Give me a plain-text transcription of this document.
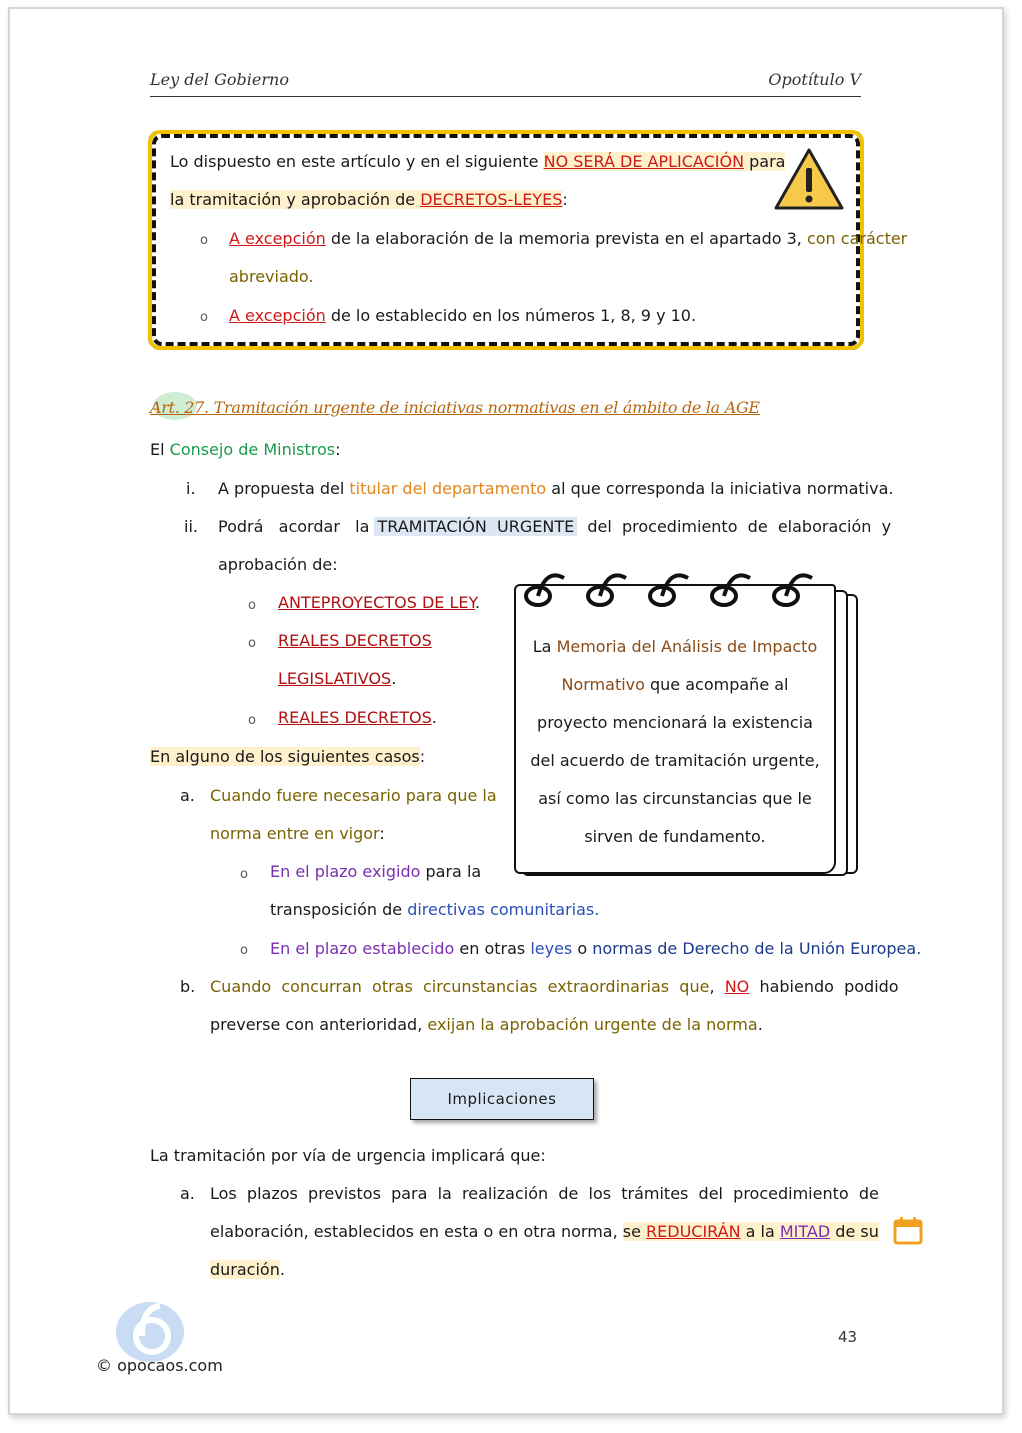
Ley del Gobierno	Opotítulo V
Lo dispuesto en este artículo y en el siguiente NO SERÁ DE APLICACIÓN para
la tramitación y aprobación de DECRETOS-LEYES:
o A excepción de la elaboración de la memoria prevista en el apartado 3, con carácter
abreviado.
o A excepción de lo establecido en los números 1, 8, 9 y 10.
Art. 27. Tramitación urgente de iniciativas normativas en el ámbito de la AGE
El Consejo de Ministros:
i. A propuesta del titular del departamento al que corresponda la iniciativa normativa.
ii. Podrá   acordar   la TRAMITACIÓN  URGENTE  del  procedimiento  de  elaboración  y
aprobación de:
o ANTEPROYECTOS DE LEY.
o REALES DECRETOS
LEGISLATIVOS.
o REALES DECRETOS.
En alguno de los siguientes casos:
a. Cuando fuere necesario para que la
norma entre en vigor:
o En el plazo exigido para la
transposición de directivas comunitarias.
o En el plazo establecido en otras leyes o normas de Derecho de la Unión Europea.
b. Cuando  concurran  otras  circunstancias  extraordinarias  que,  NO  habiendo  podido
preverse con anterioridad, exijan la aprobación urgente de la norma.
La Memoria del Análisis de Impacto
Normativo que acompañe al
proyecto mencionará la existencia
del acuerdo de tramitación urgente,
así como las circunstancias que le
sirven de fundamento.
Implicaciones
La tramitación por vía de urgencia implicará que:
a. Los  plazos  previstos  para  la  realización  de  los  trámites  del  procedimiento  de
elaboración, establecidos en esta o en otra norma, se REDUCIRÁN a la MITAD de su
duración.
© opocaos.com
43
